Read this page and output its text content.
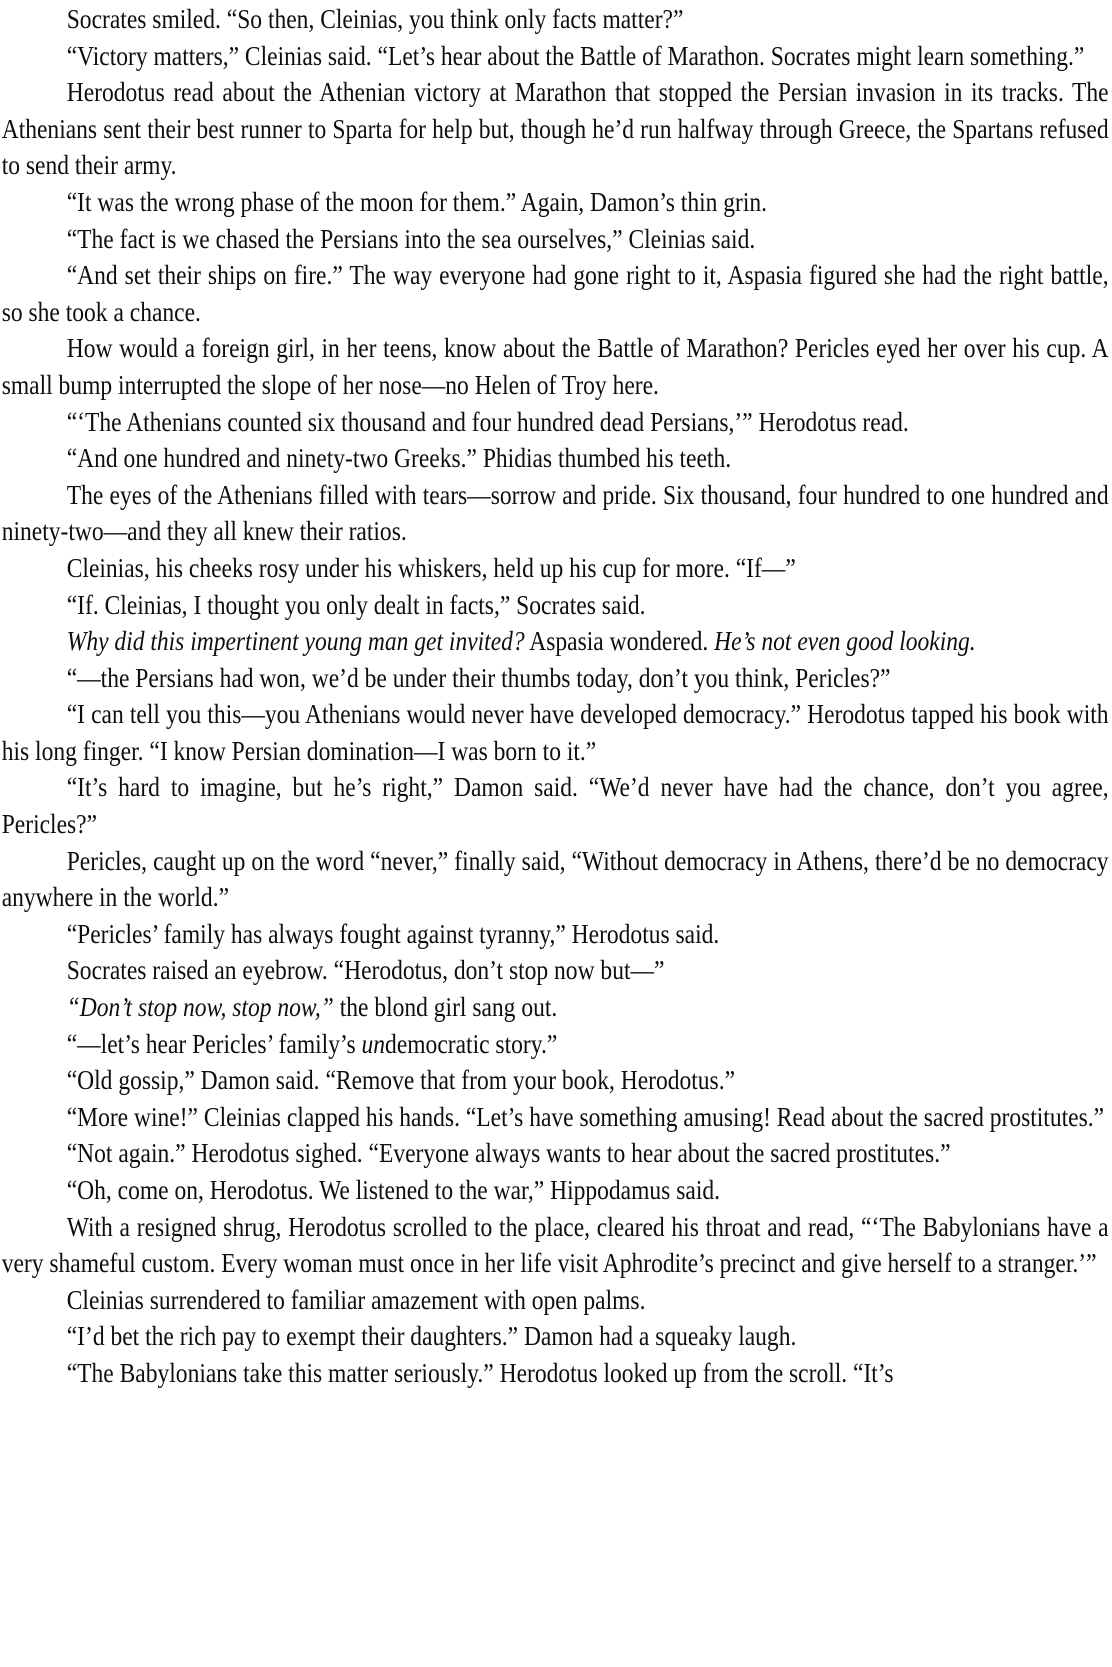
Socrates smiled. “So then, Cleinias, you think only facts matter?”

“Victory matters,” Cleinias said. “Let’s hear about the Battle of Marathon. Socrates might learn something.”

Herodotus read about the Athenian victory at Marathon that stopped the Persian invasion in its tracks. The Athenians sent their best runner to Sparta for help but, though he’d run halfway through Greece, the Spartans refused to send their army.

“It was the wrong phase of the moon for them.” Again, Damon’s thin grin.

“The fact is we chased the Persians into the sea ourselves,” Cleinias said.

“And set their ships on fire.” The way everyone had gone right to it, Aspasia figured she had the right battle, so she took a chance.

How would a foreign girl, in her teens, know about the Battle of Marathon? Pericles eyed her over his cup. A small bump interrupted the slope of her nose—no Helen of Troy here.

“‘The Athenians counted six thousand and four hundred dead Persians,’” Herodotus read.

“And one hundred and ninety-two Greeks.” Phidias thumbed his teeth.

The eyes of the Athenians filled with tears—sorrow and pride. Six thousand, four hundred to one hundred and ninety-two—and they all knew their ratios.

Cleinias, his cheeks rosy under his whiskers, held up his cup for more. “If—”

“If. Cleinias, I thought you only dealt in facts,” Socrates said.

Why did this impertinent young man get invited? Aspasia wondered. He’s not even good looking.

“—the Persians had won, we’d be under their thumbs today, don’t you think, Pericles?”

“I can tell you this—you Athenians would never have developed democracy.” Herodotus tapped his book with his long finger. “I know Persian domination—I was born to it.”

“It’s hard to imagine, but he’s right,” Damon said. “We’d never have had the chance, don’t you agree, Pericles?”

Pericles, caught up on the word “never,” finally said, “Without democracy in Athens, there’d be no democracy anywhere in the world.”

“Pericles’ family has always fought against tyranny,” Herodotus said.

Socrates raised an eyebrow. “Herodotus, don’t stop now but—”

“Don’t stop now, stop now,” the blond girl sang out.

“—let’s hear Pericles’ family’s undemocratic story.”

“Old gossip,” Damon said. “Remove that from your book, Herodotus.”

“More wine!” Cleinias clapped his hands. “Let’s have something amusing! Read about the sacred prostitutes.”

“Not again.” Herodotus sighed. “Everyone always wants to hear about the sacred prostitutes.”

“Oh, come on, Herodotus. We listened to the war,” Hippodamus said.

With a resigned shrug, Herodotus scrolled to the place, cleared his throat and read, “‘The Babylonians have a very shameful custom. Every woman must once in her life visit Aphrodite’s precinct and give herself to a stranger.’”

Cleinias surrendered to familiar amazement with open palms.

“I’d bet the rich pay to exempt their daughters.” Damon had a squeaky laugh.

“The Babylonians take this matter seriously.” Herodotus looked up from the scroll. “It’s
